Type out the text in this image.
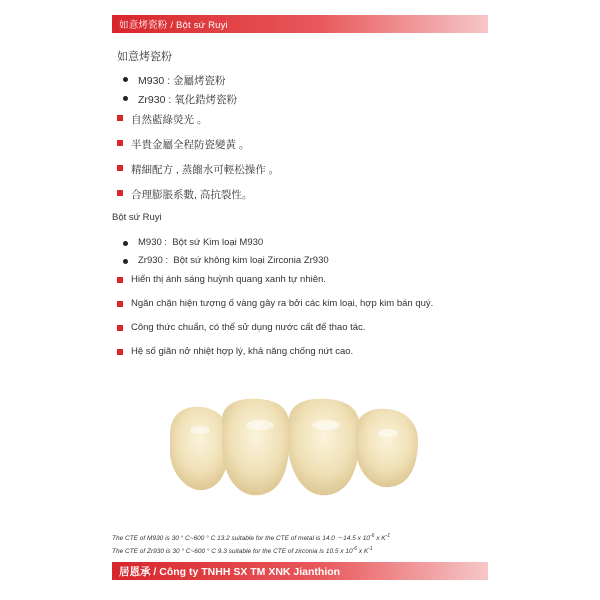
如意烤瓷粉 / Bột sứ Ruyi
如意烤瓷粉
M930 : 金屬烤瓷粉
Zr930 : 氧化鋯烤瓷粉
自然藍綠熒光 。
半貴金屬全程防瓷變黃 。
精細配方 , 蒸餾水可輕松操作 。
合理膨脹系數, 高抗裂性。
Bột sứ Ruyi
M930 : Bột sứ Kim loại M930
Zr930 : Bột sứ không kim loại Zirconia Zr930
Hiển thị ánh sáng huỳnh quang xanh tự nhiên.
Ngăn chặn hiện tượng ố vàng gây ra bởi các kim loại, hợp kim bán quý.
Công thức chuẩn, có thể sử dụng nước cất để thao tác.
Hệ số giãn nở nhiệt hợp lý, khả năng chống nứt cao.
The CTE of M930 is 30 ° C~600 ° C 13.2 suitable for the CTE of metal is 14.0 ～14.5 x $10^{-6}$ x $K^{-1}$
The CTE of Zr930 is 30 ° C~600 ° C 9.3 suitable for the CTE of zirconia is 10.5 x $10^{-6}$ x $K^{-1}$
居恩承 / Công ty TNHH SX TM XNK Jianthion
